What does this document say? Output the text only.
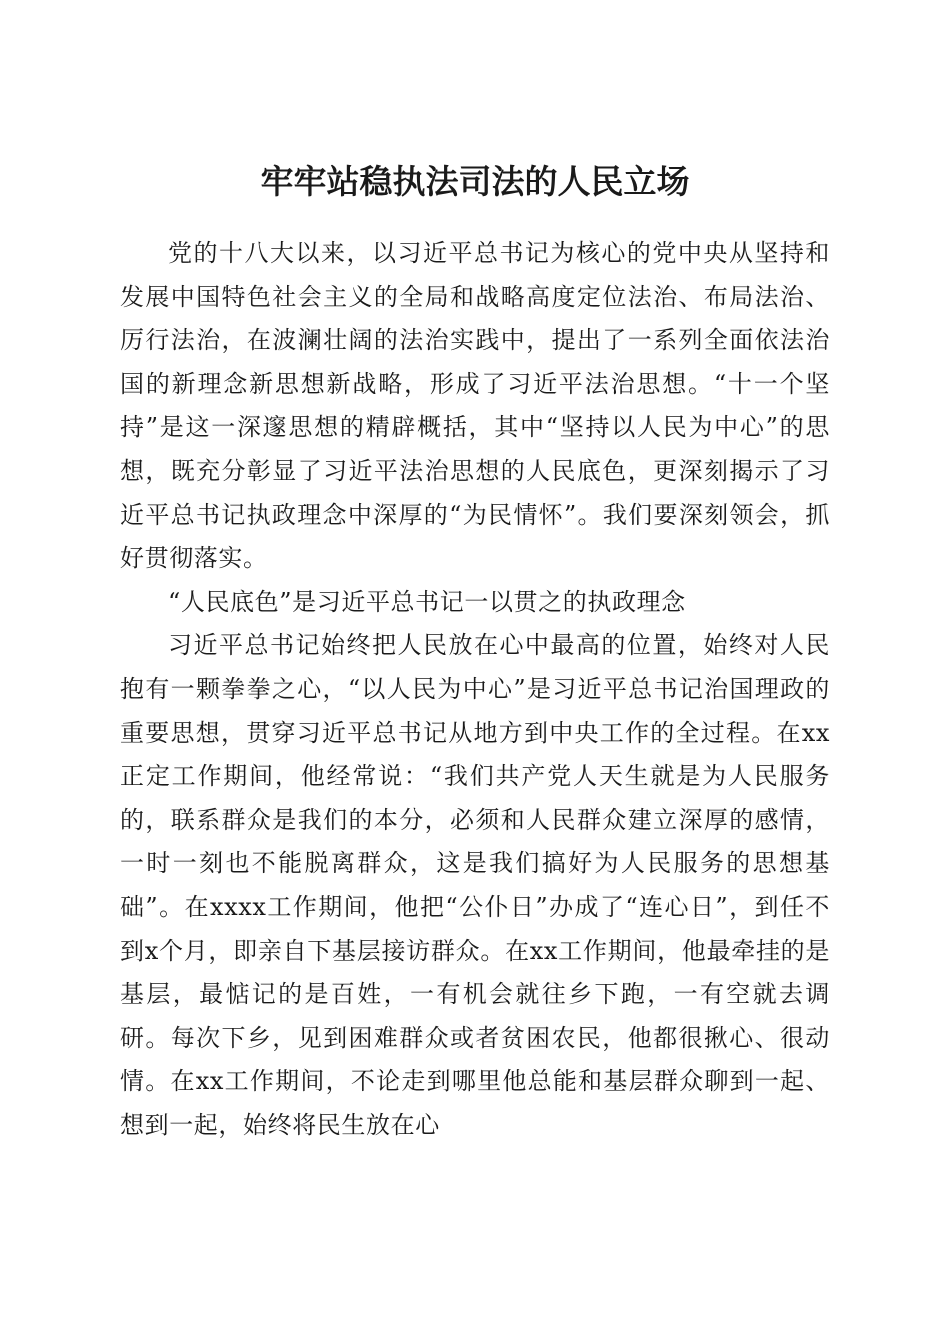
牢牢站稳执法司法的人民立场

党的十八大以来，以习近平总书记为核心的党中央从坚持和发展中国特色社会主义的全局和战略高度定位法治、布局法治、厉行法治，在波澜壮阔的法治实践中，提出了一系列全面依法治国的新理念新思想新战略，形成了习近平法治思想。“十一个坚持”是这一深邃思想的精辟概括，其中“坚持以人民为中心”的思想，既充分彰显了习近平法治思想的人民底色，更深刻揭示了习近平总书记执政理念中深厚的“为民情怀”。我们要深刻领会，抓好贯彻落实。

“人民底色”是习近平总书记一以贯之的执政理念

习近平总书记始终把人民放在心中最高的位置，始终对人民抱有一颗拳拳之心，“以人民为中心”是习近平总书记治国理政的重要思想，贯穿习近平总书记从地方到中央工作的全过程。在xx正定工作期间，他经常说：“我们共产党人天生就是为人民服务的，联系群众是我们的本分，必须和人民群众建立深厚的感情，一时一刻也不能脱离群众，这是我们搞好为人民服务的思想基础”。在xxxx工作期间，他把“公仆日”办成了“连心日”，到任不到x个月，即亲自下基层接访群众。在xx工作期间，他最牵挂的是基层，最惦记的是百姓，一有机会就往乡下跑，一有空就去调研。每次下乡，见到困难群众或者贫困农民，他都很揪心、很动情。在xx工作期间，不论走到哪里他总能和基层群众聊到一起、想到一起，始终将民生放在心
